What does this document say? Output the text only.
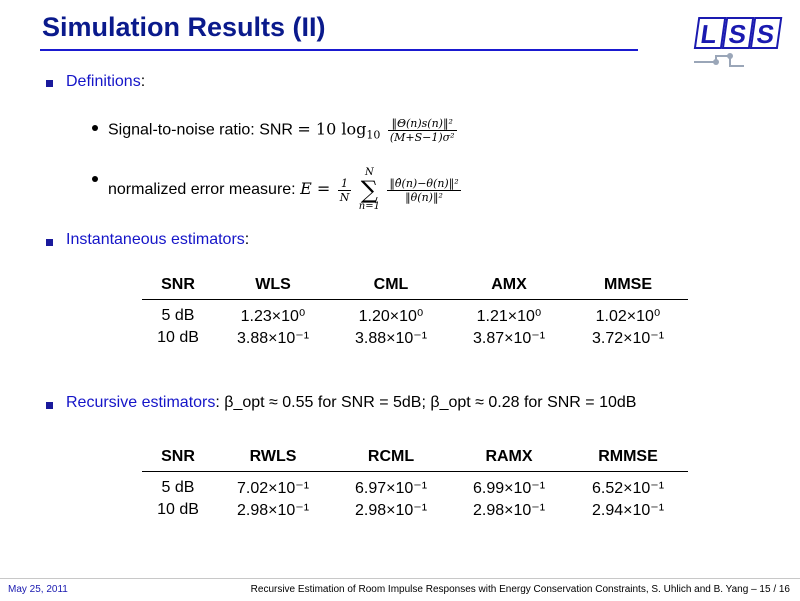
Simulation Results (II)	L S S
Definitions:
Signal-to-noise ratio: SNR = 10 $\log_{10} \frac{\text{‖Θ(n)s(n)‖²}}{\text{(M+S−1)σ²}}$
normalized error measure: $E = \frac{1}{N}$

N
∑
n=1

$\frac{\text{‖θ̂(n)−θ(n)‖²}}{\text{‖θ(n)‖²}}$
Instantaneous estimators:
SNR	WLS	CML	AMX	MMSE
5 dB	1.23×10⁰	1.20×10⁰	1.21×10⁰	1.02×10⁰
10 dB	3.88×10⁻¹	3.88×10⁻¹	3.87×10⁻¹	3.72×10⁻¹
Recursive estimators: β_opt ≈ 0.55 for SNR = 5dB; β_opt ≈ 0.28 for SNR = 10dB
SNR	RWLS	RCML	RAMX	RMMSE
5 dB	7.02×10⁻¹	6.97×10⁻¹	6.99×10⁻¹	6.52×10⁻¹
10 dB	2.98×10⁻¹	2.98×10⁻¹	2.98×10⁻¹	2.94×10⁻¹
May 25, 2011	Recursive Estimation of Room Impulse Responses with Energy Conservation Constraints, S. Uhlich and B. Yang – 15 / 16
